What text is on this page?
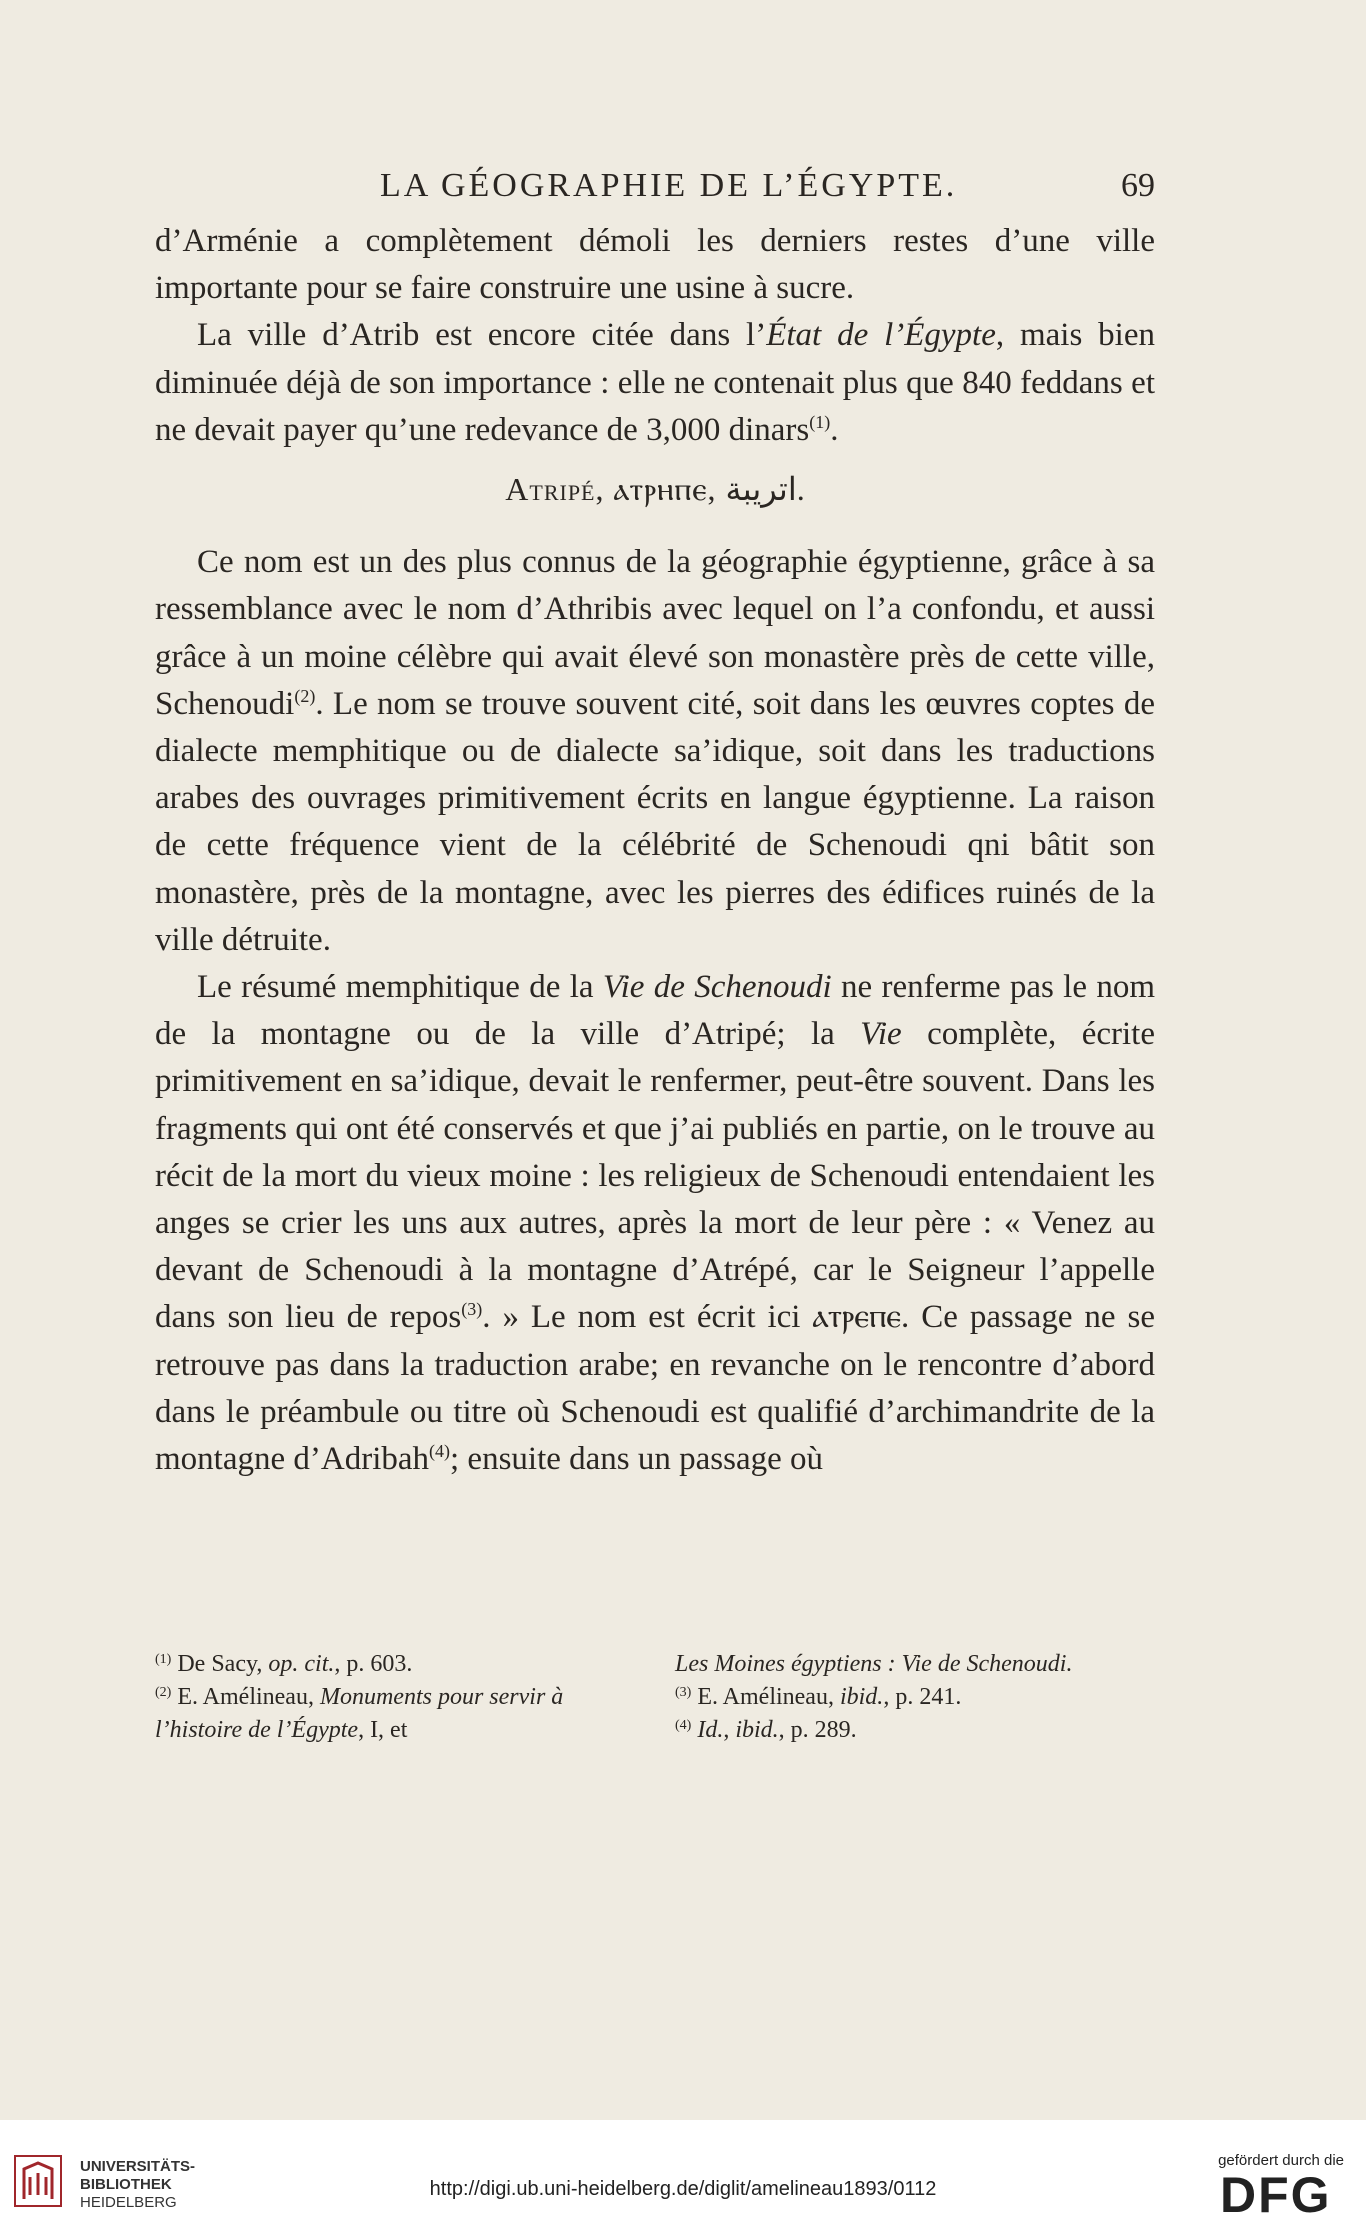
LA GÉOGRAPHIE DE L’ÉGYPTE.	69

d’Arménie a complètement démoli les derniers restes d’une ville importante pour se faire construire une usine à sucre.

La ville d’Atrib est encore citée dans l’État de l’Égypte, mais bien diminuée déjà de son importance : elle ne contenait plus que 840 feddans et ne devait payer qu’une redevance de 3,000 dinars$^{(1)}$.

Atripé, ⲁⲧⲣⲏⲡⲉ, اتريبة.

Ce nom est un des plus connus de la géographie égyptienne, grâce à sa ressemblance avec le nom d’Athribis avec lequel on l’a confondu, et aussi grâce à un moine célèbre qui avait élevé son monastère près de cette ville, Schenoudi$^{(2)}$. Le nom se trouve souvent cité, soit dans les œuvres coptes de dialecte memphitique ou de dialecte sa’idique, soit dans les traductions arabes des ouvrages primitivement écrits en langue égyptienne. La raison de cette fréquence vient de la célébrité de Schenoudi qni bâtit son monastère, près de la montagne, avec les pierres des édifices ruinés de la ville détruite.

Le résumé memphitique de la Vie de Schenoudi ne renferme pas le nom de la montagne ou de la ville d’Atripé; la Vie complète, écrite primitivement en sa’idique, devait le renfermer, peut-être souvent. Dans les fragments qui ont été conservés et que j’ai publiés en partie, on le trouve au récit de la mort du vieux moine : les religieux de Schenoudi entendaient les anges se crier les uns aux autres, après la mort de leur père : « Venez au devant de Schenoudi à la montagne d’Atrépé, car le Seigneur l’appelle dans son lieu de repos$^{(3)}$. » Le nom est écrit ici ⲁⲧⲣⲉⲡⲉ. Ce passage ne se retrouve pas dans la traduction arabe; en revanche on le rencontre d’abord dans le préambule ou titre où Schenoudi est qualifié d’archimandrite de la montagne d’Adribah$^{(4)}$; ensuite dans un passage où

$^{(1)}$ De Sacy, op. cit., p. 603.

$^{(2)}$ E. Amélineau, Monuments pour servir à l’histoire de l’Égypte, I, et

Les Moines égyptiens : Vie de Schenoudi.

$^{(3)}$ E. Amélineau, ibid., p. 241.

$^{(4)}$ Id., ibid., p. 289.

UNIVERSITÄTS-
BIBLIOTHEK
HEIDELBERG
http://digi.ub.uni-heidelberg.de/diglit/amelineau1893/0112
gefördert durch die
DFG
